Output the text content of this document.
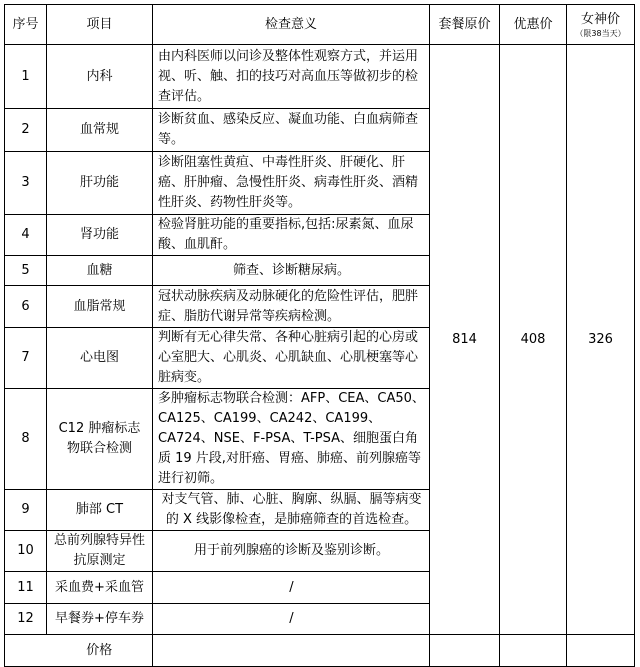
序号	项目	检查意义	套餐原价	优惠价	女神价
（限38当天）

1	内科	由内科医师以问诊及整体性观察方式，并运用视、听、触、扣的技巧对高血压等做初步的检查评估。	814	408	326
2	血常规	诊断贫血、感染反应、凝血功能、白血病筛查等。			
3	肝功能	诊断阻塞性黄疸、中毒性肝炎、肝硬化、肝癌、肝肿瘤、急慢性肝炎、病毒性肝炎、酒精性肝炎、药物性肝炎等。			
4	肾功能	检验肾脏功能的重要指标,包括:尿素氮、血尿酸、血肌酐。			
5	血糖	筛查、诊断糖尿病。			
6	血脂常规	冠状动脉疾病及动脉硬化的危险性评估，肥胖症、脂肪代谢异常等疾病检测。			
7	心电图	判断有无心律失常、各种心脏病引起的心房或心室肥大、心肌炎、心肌缺血、心肌梗塞等心脏病变。			
8	C12 肿瘤标志物联合检测	多肿瘤标志物联合检测：AFP、CEA、CA50、CA125、CA199、CA242、CA199、CA724、NSE、F-PSA、T-PSA、细胞蛋白角质 19 片段,对肝癌、胃癌、肺癌、前列腺癌等进行初筛。			
9	肺部 CT	对支气管、肺、心脏、胸廓、纵膈、膈等病变的 X 线影像检查，是肺癌筛查的首选检查。			
10	总前列腺特异性抗原测定	用于前列腺癌的诊断及鉴别诊断。			
11	采血费+采血管	/			
12	早餐券+停车券	/			
	价格				
